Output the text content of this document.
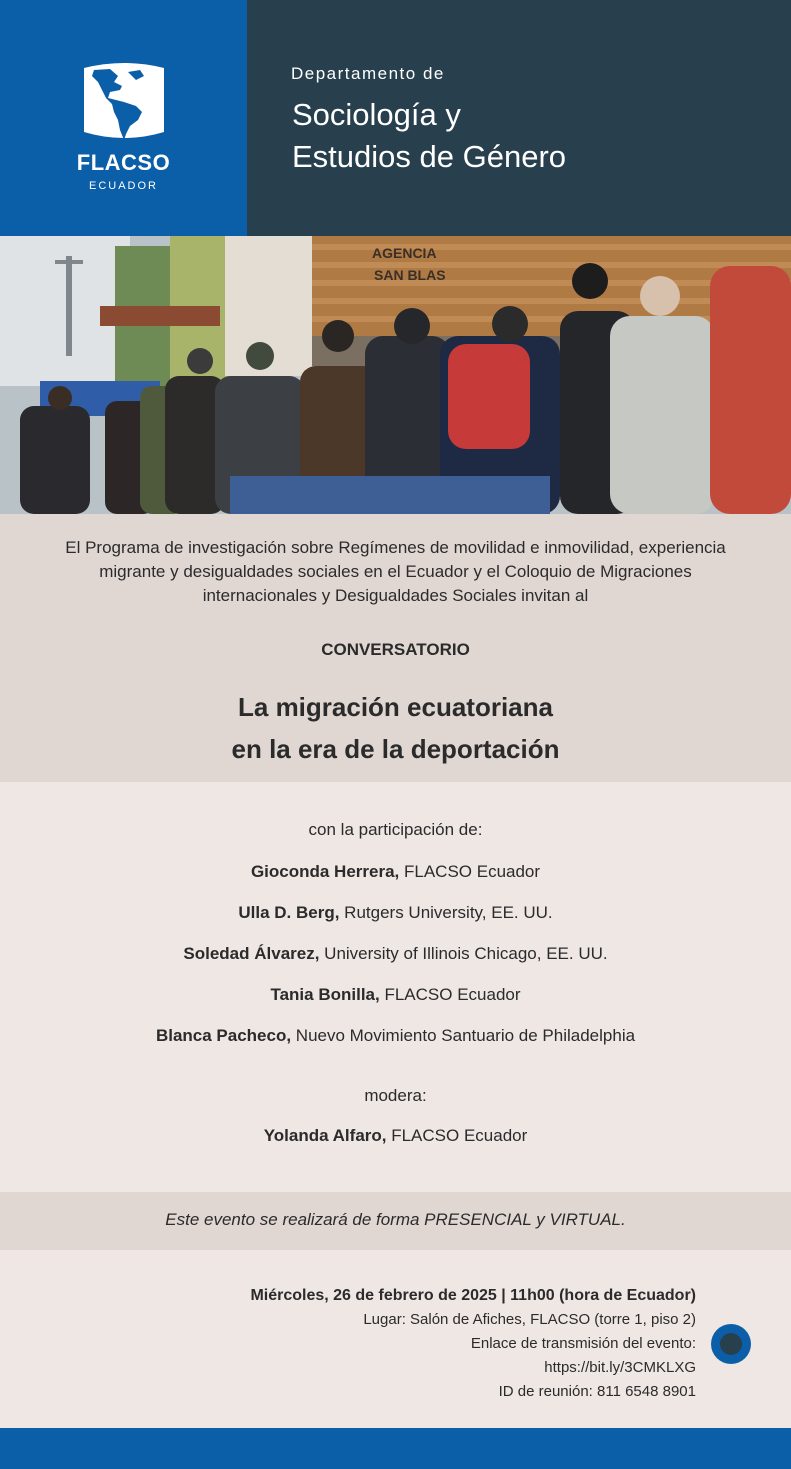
FLACSO
ECUADOR
Departamento de
Sociología y
Estudios de Género
AGENCIA
SAN BLAS
El Programa de investigación sobre Regímenes de movilidad e inmovilidad, experiencia
migrante y desigualdades sociales en el Ecuador y el Coloquio de Migraciones
internacionales y Desigualdades Sociales invitan al
CONVERSATORIO
La migración ecuatoriana
en la era de la deportación
con la participación de:
Gioconda Herrera, FLACSO Ecuador
Ulla D. Berg, Rutgers University, EE. UU.
Soledad Álvarez, University of Illinois Chicago, EE. UU.
Tania Bonilla, FLACSO Ecuador
Blanca Pacheco, Nuevo Movimiento Santuario de Philadelphia
modera:
Yolanda Alfaro, FLACSO Ecuador
Este evento se realizará de forma PRESENCIAL y VIRTUAL.
Miércoles, 26 de febrero de 2025 | 11h00 (hora de Ecuador)
Lugar: Salón de Afiches, FLACSO (torre 1, piso 2)
Enlace de transmisión del evento:
https://bit.ly/3CMKLXG
ID de reunión: 811 6548 8901
